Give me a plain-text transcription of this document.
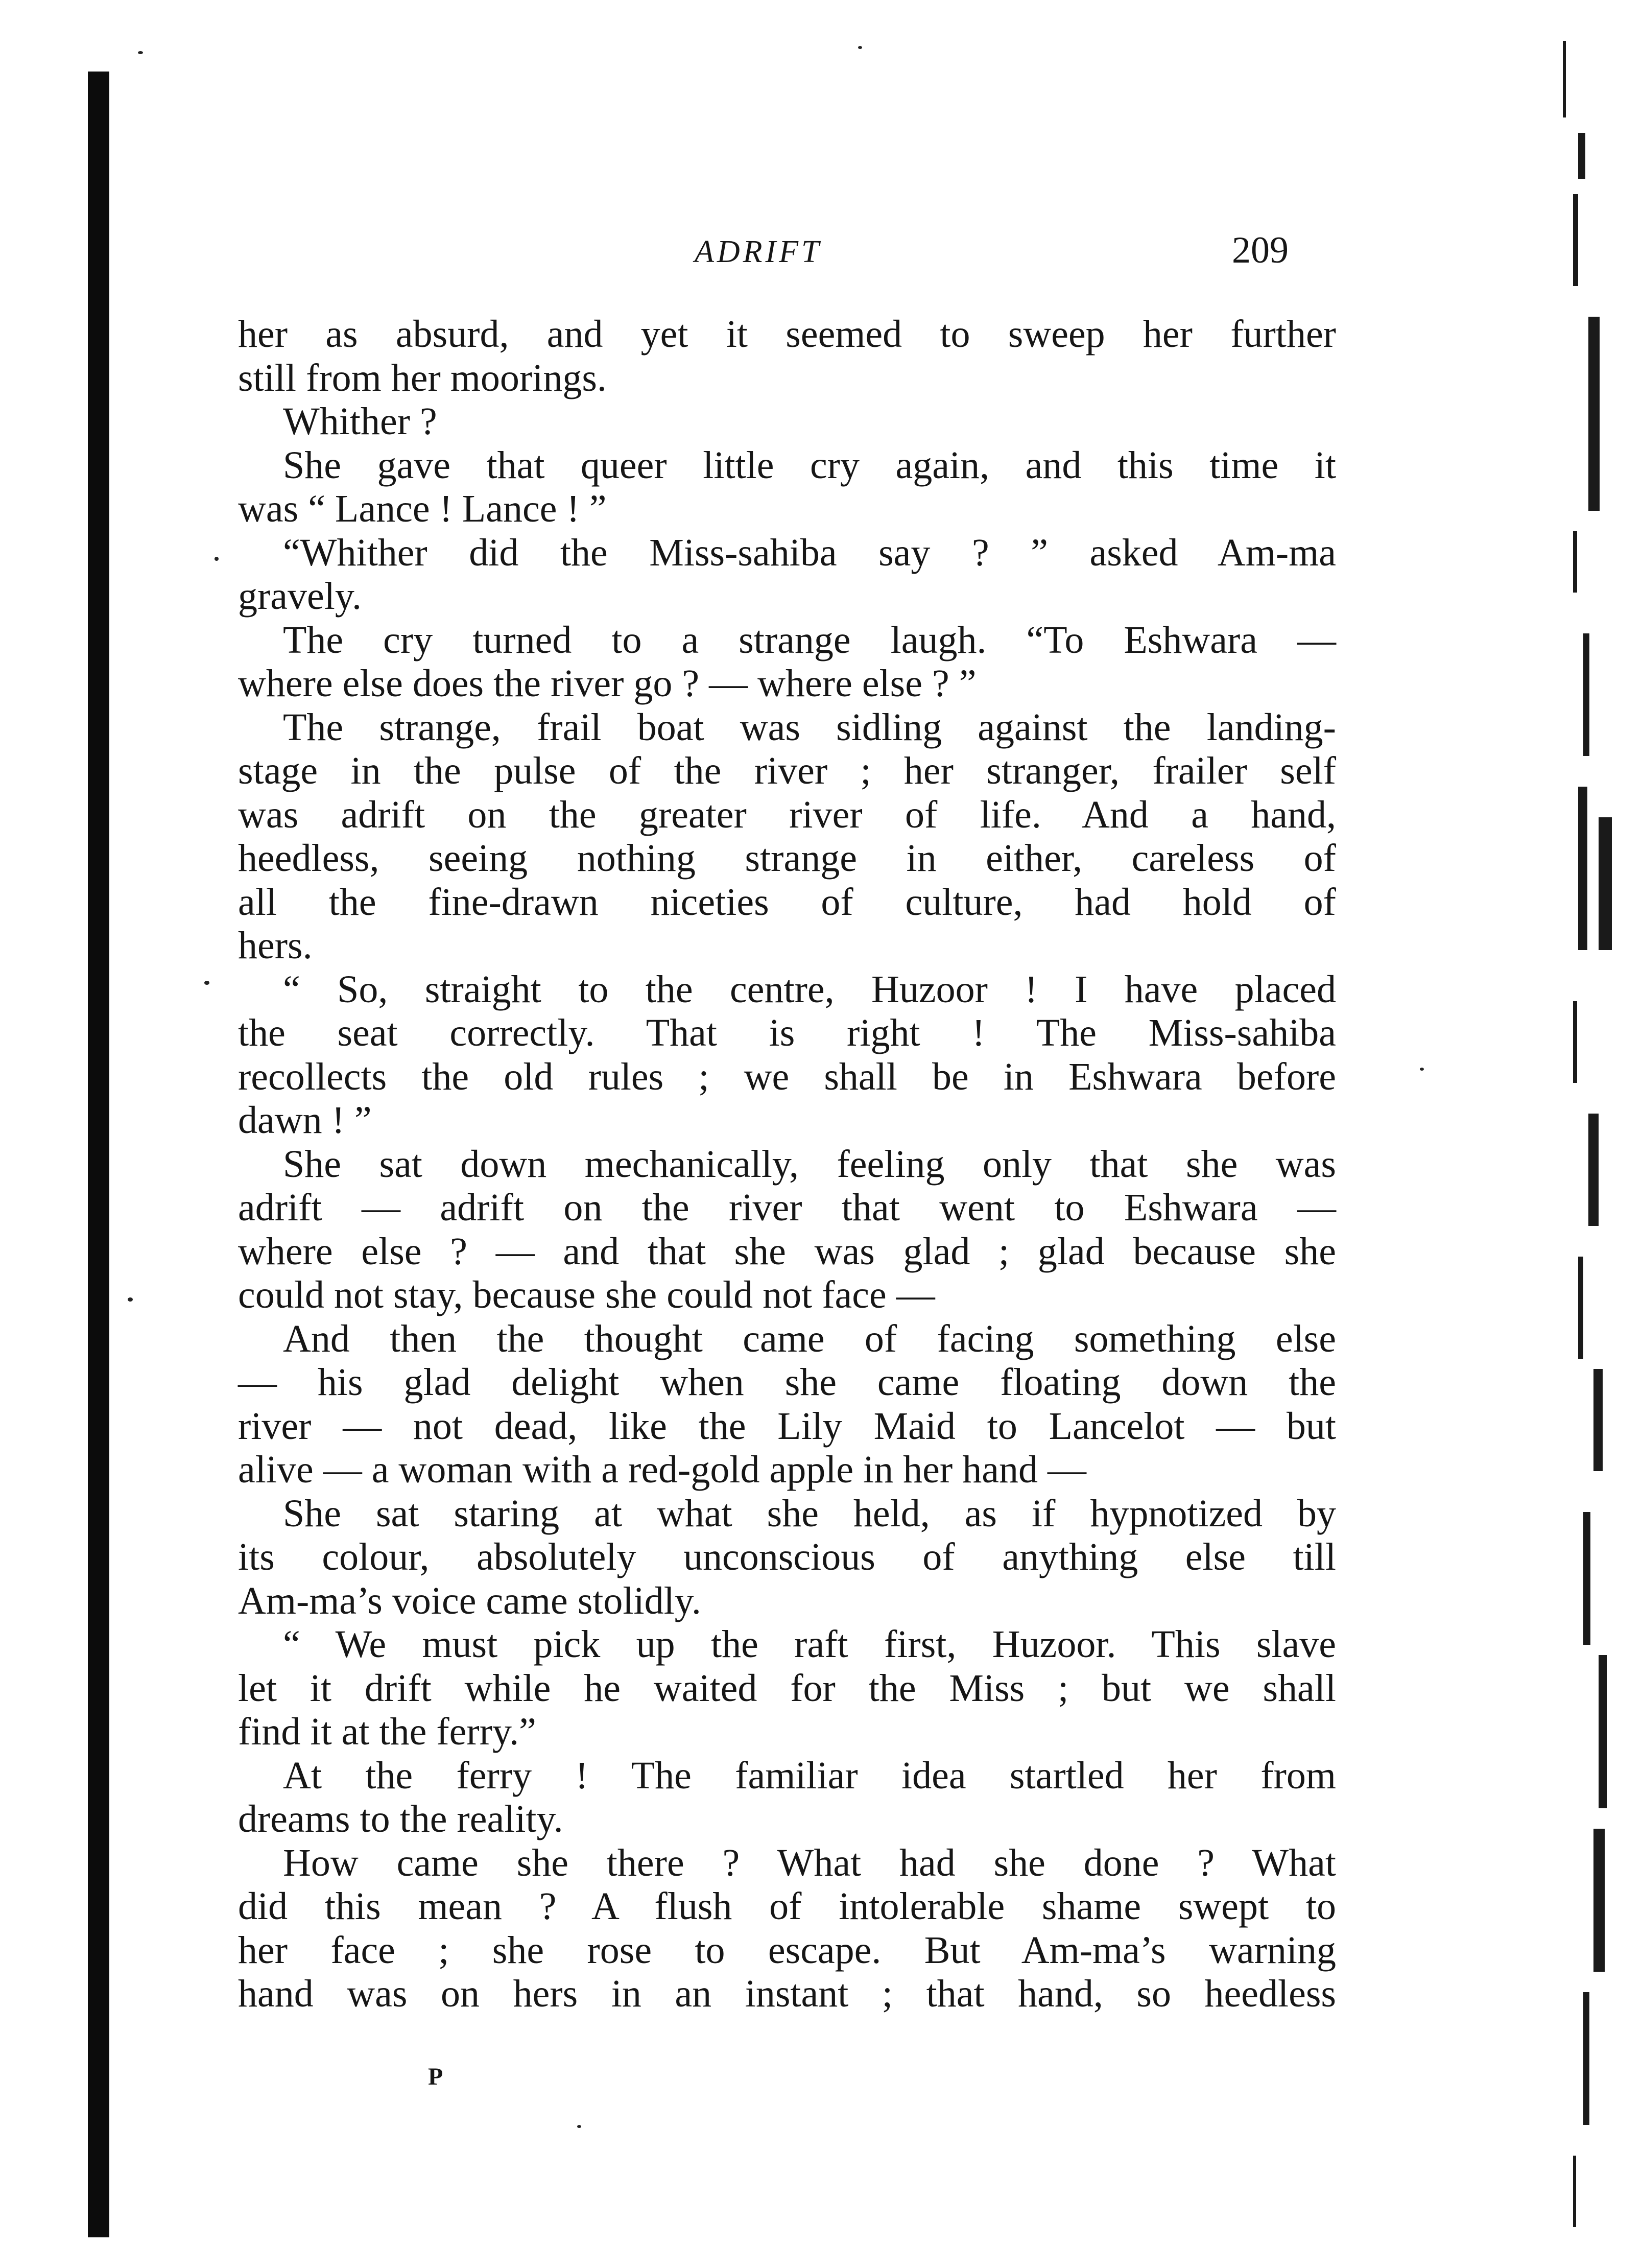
ADRIFT	209
her as absurd, and yet it seemed to sweep her further
still from her moorings.
Whither ?
She gave that queer little cry again, and this time it
was “ Lance ! Lance ! ”
“Whither did the Miss-sahiba say ? ” asked Am-ma
gravely.
The cry turned to a strange laugh. “To Eshwara —
where else does the river go ? — where else ? ”
The strange, frail boat was sidling against the landing-
stage in the pulse of the river ; her stranger, frailer self
was adrift on the greater river of life. And a hand,
heedless, seeing nothing strange in either, careless of
all the fine-drawn niceties of culture, had hold of
hers.
“ So, straight to the centre, Huzoor ! I have placed
the seat correctly. That is right ! The Miss-sahiba
recollects the old rules ; we shall be in Eshwara before
dawn ! ”
She sat down mechanically, feeling only that she was
adrift — adrift on the river that went to Eshwara —
where else ? — and that she was glad ; glad because she
could not stay, because she could not face —
And then the thought came of facing something else
— his glad delight when she came floating down the
river — not dead, like the Lily Maid to Lancelot — but
alive — a woman with a red-gold apple in her hand —
She sat staring at what she held, as if hypnotized by
its colour, absolutely unconscious of anything else till
Am-ma’s voice came stolidly.
“ We must pick up the raft first, Huzoor. This slave
let it drift while he waited for the Miss ; but we shall
find it at the ferry.”
At the ferry ! The familiar idea startled her from
dreams to the reality.
How came she there ? What had she done ? What
did this mean ? A flush of intolerable shame swept to
her face ; she rose to escape. But Am-ma’s warning
hand was on hers in an instant ; that hand, so heedless
P
